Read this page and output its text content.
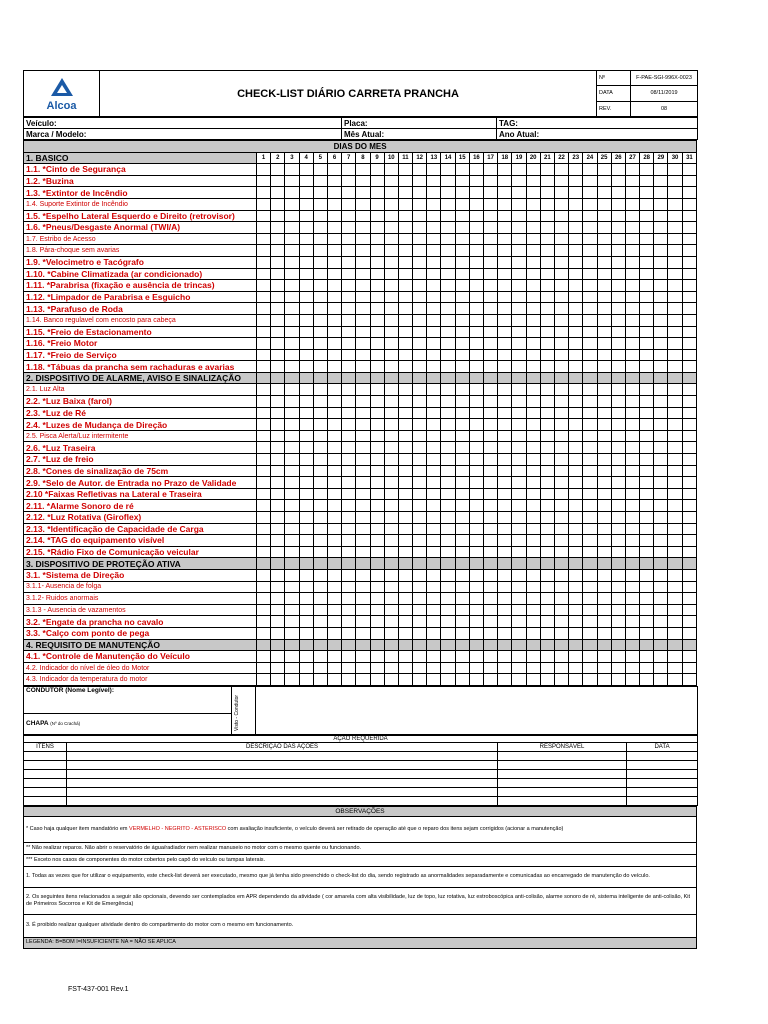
Alcoa	CHECK-LIST DIÁRIO CARRETA PRANCHA	Nº	F-PAE-SGI-996X-0023
		DATA	08/11/2019
		REV.	08
Veículo:	Placa:	TAG:
Marca / Modelo:	Mês Atual:	Ano Atual:
DIAS DO MES																															
1. BASICO	1	2	3	4	5	6	7	8	9	10	11	12	13	14	15	16	17	18	19	20	21	22	23	24	25	26	27	28	29	30	31
1.1. *Cinto de Segurança																															
1.2. *Buzina																															
1.3. *Extintor de Incêndio																															
1.4. Suporte Extintor de Incêndio																															
1.5. *Espelho Lateral Esquerdo e Direito (retrovisor)																															
1.6. *Pneus/Desgaste Anormal (TWI/A)																															
1.7. Estribo de Acesso																															
1.8. Pára-choque sem avarias																															
1.9. *Velocimetro e Tacógrafo																															
1.10. *Cabine Climatizada (ar condicionado)																															
1.11. *Parabrisa (fixação e ausência de trincas)																															
1.12. *Limpador de Parabrisa e Esguicho																															
1.13. *Parafuso de Roda																															
1.14. Banco regulavel com encosto para cabeça																															
1.15. *Freio de Estacionamento																															
1.16. *Freio Motor																															
1.17. *Freio de Serviço																															
1.18. *Tábuas da prancha sem rachaduras e avarias																															
2. DISPOSITIVO DE ALARME, AVISO E SINALIZAÇÃO																															
2.1. Luz Alta																															
2.2. *Luz Baixa (farol)																															
2.3. *Luz de Ré																															
2.4. *Luzes de Mudança de Direção																															
2.5. Pisca Alerta/Luz intermitente																															
2.6. *Luz Traseira																															
2.7. *Luz de freio																															
2.8. *Cones de sinalização de 75cm																															
2.9. *Selo de Autor. de Entrada no Prazo de Validade																															
2.10 *Faixas Refletivas na Lateral e Traseira																															
2.11. *Alarme Sonoro de ré																															
2.12. *Luz Rotativa (Giroflex)																															
2.13. *Identificação de Capacidade de Carga																															
2.14. *TAG do equipamento visível																															
2.15. *Rádio Fixo de Comunicação veicular																															
3. DISPOSITIVO DE PROTEÇÃO ATIVA																															
3.1. *Sistema de Direção																															
3.1.1- Ausencia de folga																															
3.1.2- Ruidos anormais																															
3.1.3 - Ausencia de vazamentos																															
3.2. *Engate da prancha no cavalo																															
3.3. *Calço com ponto de pega																															
4. REQUISITO DE MANUTENÇÃO																															
4.1. *Controle de Manutenção do Veículo																															
4.2. Indicador do nível de óleo do Motor																															
4.3. Indicador da temperatura do motor																															
CONDUTOR (Nome Legível):	
Visto - Condutor

CHAPA (Nº do Crachá)
AÇÃO REQUERIDA			
ITENS	DESCRIÇÃO DAS AÇÕES	RESPONSÁVEL	DATA

OBSERVAÇÕES
* Caso haja qualquer item mandatório em VERMELHO - NEGRITO - ASTERISCO com avaliação insuficiente, o veículo deverá ser retirado de operação até que o reparo dos itens sejam corrigidos (acionar a manutenção)
** Não realizar reparos. Não abrir o reservatório de água/radiador nem realizar manuseio no motor com o mesmo quente ou funcionando.
*** Exceto nos casos de componentes do motor cobertos pelo capô do veículo ou tampas laterais.
1. Todas as vezes que for utilizar o equipamento, este check-list deverá ser executado, mesmo que já tenha sido preenchido o check-list do dia, sendo registrado as anormalidades separadamente e comunicadas ao encarregado de manutenção do veículo.
2. Os seguintes itens relacionados a seguir são opcionais, devendo ser contemplados em APR dependendo da atividade ( cor amarela com alta visibilidade, luz de topo, luz rotativa, luz estroboscópica anti-colisão, alarme sonoro de ré, sistema inteligente de anti-colisão, Kit de Primeiros Socorros e Kit de Emergência)
3. É proibido realizar qualquer atividade dentro do compartimento do motor com o mesmo em funcionamento.
LEGENDA: B=BOM I=INSUFICIENTE NA = NÃO SE APLICA
FST-437-001 Rev.1
